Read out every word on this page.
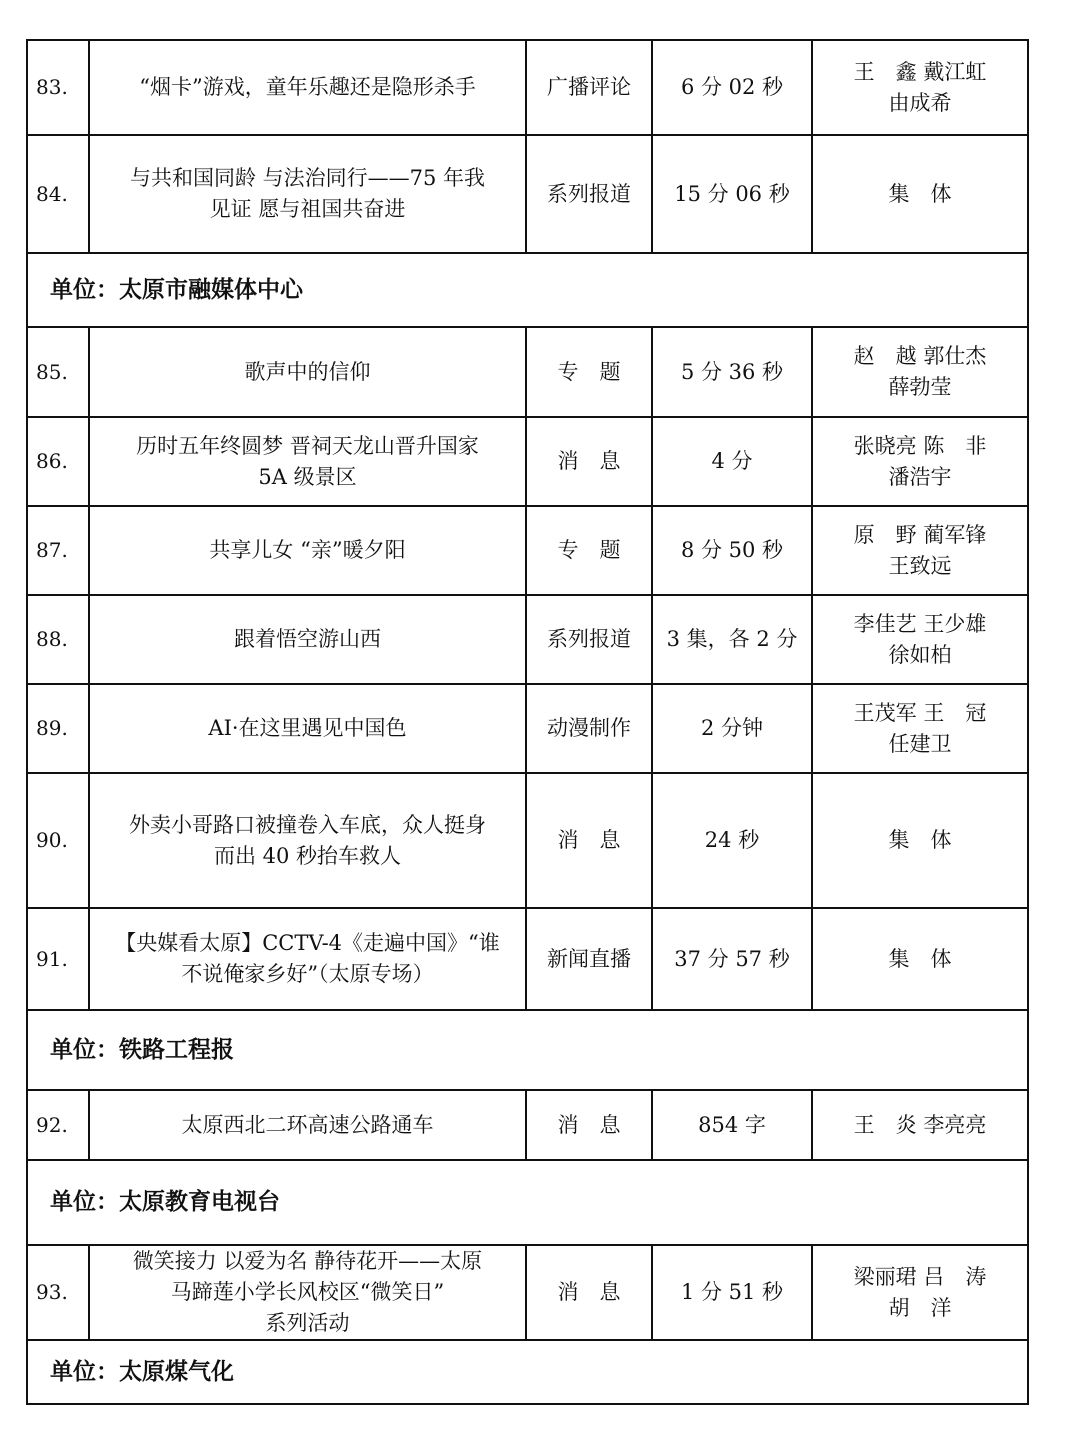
83.	“烟卡”游戏，童年乐趣还是隐形杀手	广播评论	6 分 02 秒	王　鑫 戴江虹
由成希

84.	与共和国同龄 与法治同行——75 年我
见证 愿与祖国共奋进	系列报道	15 分 06 秒	集　体

单位：太原市融媒体中心				
85.	歌声中的信仰	专　题	5 分 36 秒	赵　越 郭仕杰
薛勃莹

86.	历时五年终圆梦 晋祠天龙山晋升国家
5A 级景区	消　息	4 分	张晓亮 陈　非
潘浩宇

87.	共享儿女 “亲”暖夕阳	专　题	8 分 50 秒	原　野 蔺军锋
王致远

88.	跟着悟空游山西	系列报道	3 集，各 2 分	李佳艺 王少雄
徐如柏

89.	AI·在这里遇见中国色	动漫制作	2 分钟	王茂军 王　冠
任建卫

90.	外卖小哥路口被撞卷入车底，众人挺身
而出 40 秒抬车救人	消　息	24 秒	集　体

91.	【央媒看太原】CCTV-4《走遍中国》“谁
不说俺家乡好”（太原专场）	新闻直播	37 分 57 秒	集　体

单位：铁路工程报				
92.	太原西北二环高速公路通车	消　息	854 字	王　炎 李亮亮

单位：太原教育电视台				
93.	微笑接力 以爱为名 静待花开——太原
马蹄莲小学长风校区“微笑日”
系列活动	消　息	1 分 51 秒	梁丽珺 吕　涛
胡　洋

单位：太原煤气化				
